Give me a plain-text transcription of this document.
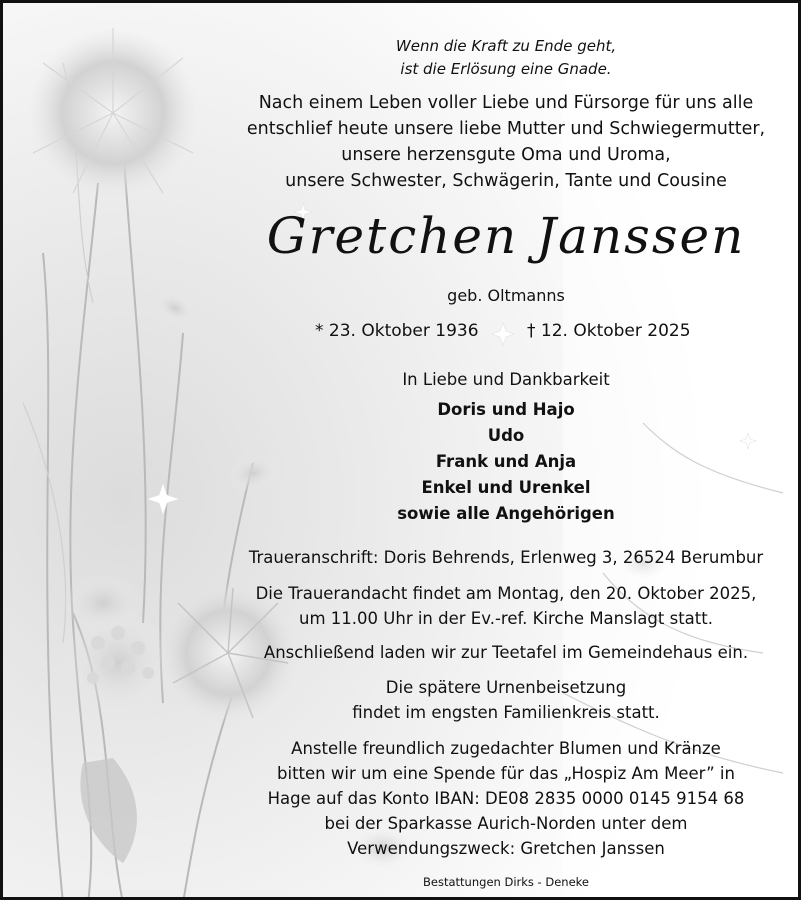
Wenn die Kraft zu Ende geht,
ist die Erlösung eine Gnade.
Nach einem Leben voller Liebe und Fürsorge für uns alle
entschlief heute unsere liebe Mutter und Schwiegermutter,
unsere herzensgute Oma und Uroma,
unsere Schwester, Schwägerin, Tante und Cousine
Gretchen Janssen
geb. Oltmanns
* 23. Oktober 1936	† 12. Oktober 2025
In Liebe und Dankbarkeit
Doris und Hajo
Udo
Frank und Anja
Enkel und Urenkel
sowie alle Angehörigen
Traueranschrift: Doris Behrends, Erlenweg 3, 26524 Berumbur
Die Trauerandacht findet am Montag, den 20. Oktober 2025,
um 11.00 Uhr in der Ev.-ref. Kirche Manslagt statt.
Anschließend laden wir zur Teetafel im Gemeindehaus ein.
Die spätere Urnenbeisetzung
findet im engsten Familienkreis statt.
Anstelle freundlich zugedachter Blumen und Kränze
bitten wir um eine Spende für das „Hospiz Am Meer” in
Hage auf das Konto IBAN: DE08 2835 0000 0145 9154 68
bei der Sparkasse Aurich-Norden unter dem
Verwendungszweck: Gretchen Janssen
Bestattungen Dirks - Deneke
